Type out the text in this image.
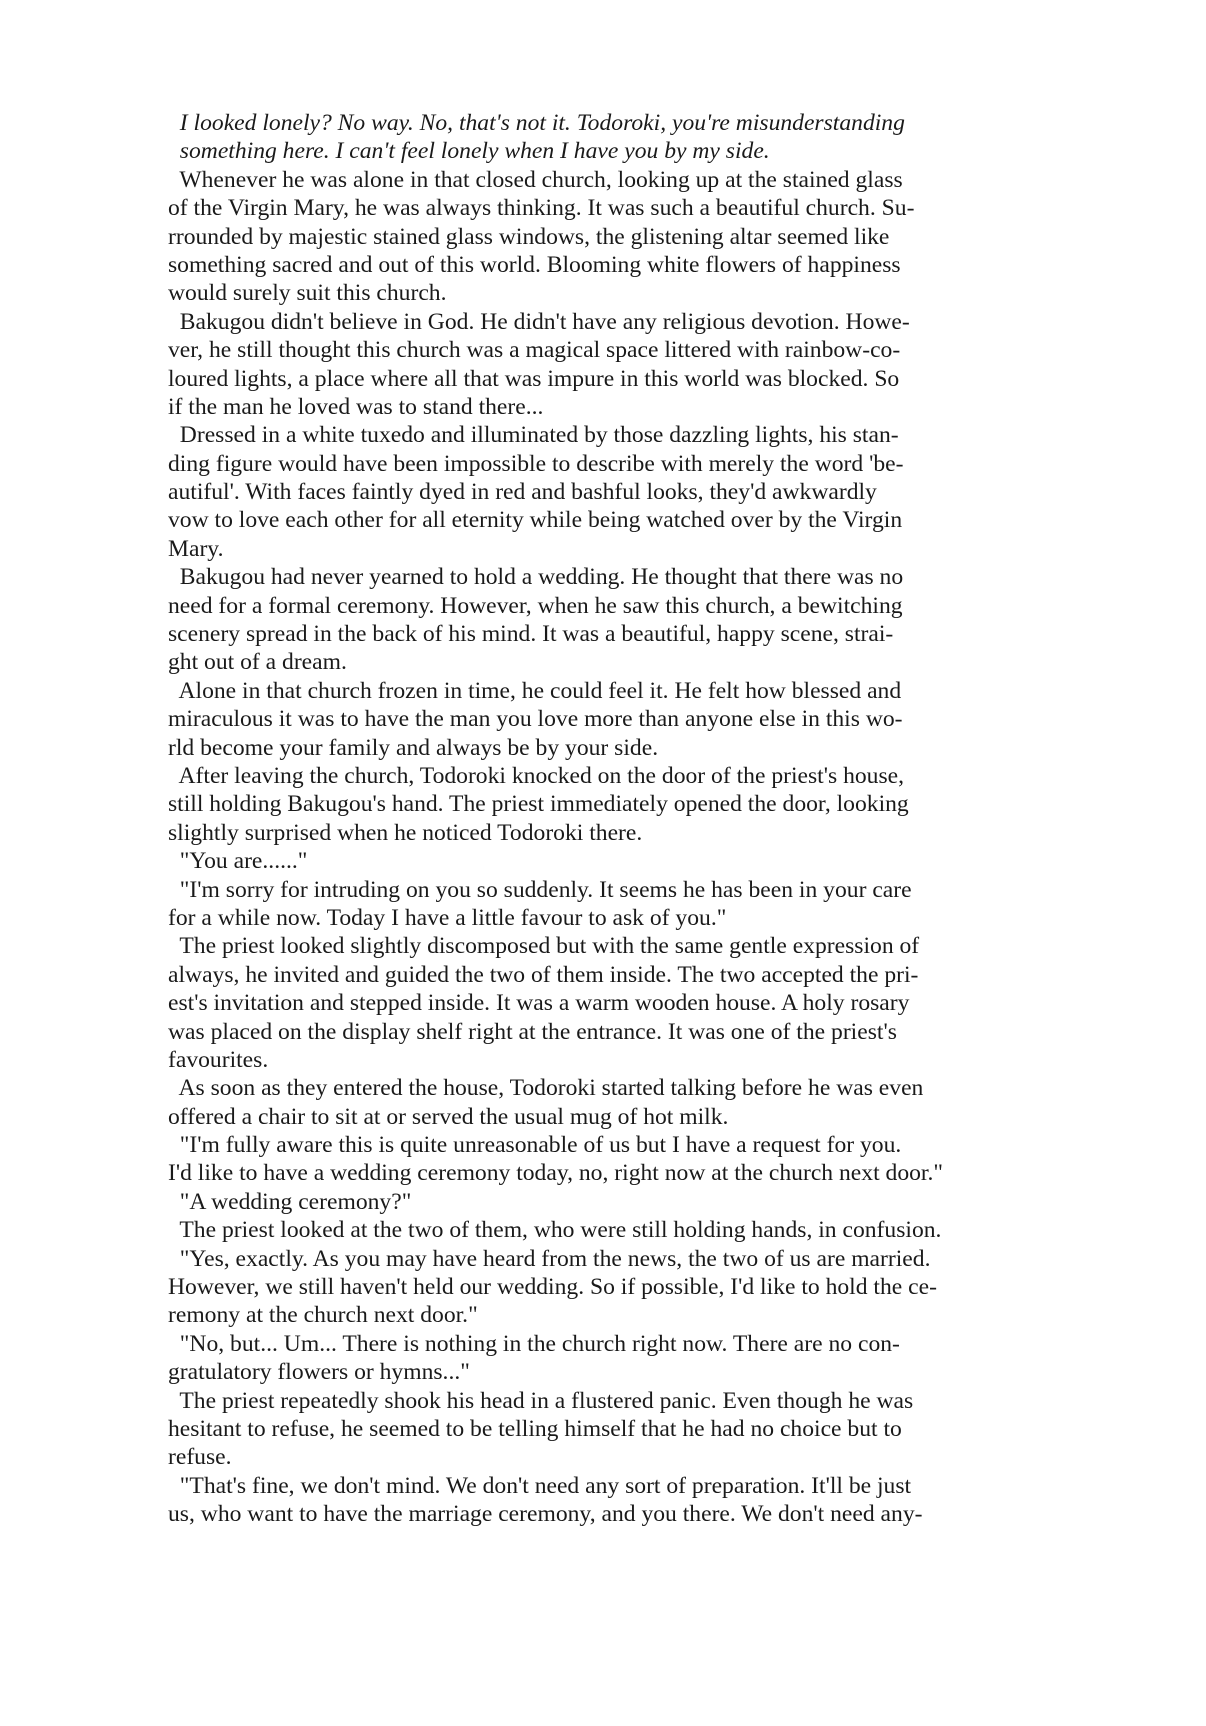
I looked lonely? No way. No, that's not it. Todoroki, you're misunderstanding
something here. I can't feel lonely when I have you by my side.
Whenever he was alone in that closed church, looking up at the stained glass
of the Virgin Mary, he was always thinking. It was such a beautiful church. Su-
rrounded by majestic stained glass windows, the glistening altar seemed like
something sacred and out of this world. Blooming white flowers of happiness
would surely suit this church.
Bakugou didn't believe in God. He didn't have any religious devotion. Howe-
ver, he still thought this church was a magical space littered with rainbow-co-
loured lights, a place where all that was impure in this world was blocked. So
if the man he loved was to stand there...
Dressed in a white tuxedo and illuminated by those dazzling lights, his stan-
ding figure would have been impossible to describe with merely the word 'be-
autiful'. With faces faintly dyed in red and bashful looks, they'd awkwardly
vow to love each other for all eternity while being watched over by the Virgin
Mary.
Bakugou had never yearned to hold a wedding. He thought that there was no
need for a formal ceremony. However, when he saw this church, a bewitching
scenery spread in the back of his mind. It was a beautiful, happy scene, strai-
ght out of a dream.
Alone in that church frozen in time, he could feel it. He felt how blessed and
miraculous it was to have the man you love more than anyone else in this wo-
rld become your family and always be by your side.
After leaving the church, Todoroki knocked on the door of the priest's house,
still holding Bakugou's hand. The priest immediately opened the door, looking
slightly surprised when he noticed Todoroki there.
"You are......"
"I'm sorry for intruding on you so suddenly. It seems he has been in your care
for a while now. Today I have a little favour to ask of you."
The priest looked slightly discomposed but with the same gentle expression of
always, he invited and guided the two of them inside. The two accepted the pri-
est's invitation and stepped inside. It was a warm wooden house. A holy rosary
was placed on the display shelf right at the entrance. It was one of the priest's
favourites.
As soon as they entered the house, Todoroki started talking before he was even
offered a chair to sit at or served the usual mug of hot milk.
"I'm fully aware this is quite unreasonable of us but I have a request for you.
I'd like to have a wedding ceremony today, no, right now at the church next door."
"A wedding ceremony?"
The priest looked at the two of them, who were still holding hands, in confusion.
"Yes, exactly. As you may have heard from the news, the two of us are married.
However, we still haven't held our wedding. So if possible, I'd like to hold the ce-
remony at the church next door."
"No, but... Um... There is nothing in the church right now. There are no con-
gratulatory flowers or hymns..."
The priest repeatedly shook his head in a flustered panic. Even though he was
hesitant to refuse, he seemed to be telling himself that he had no choice but to
refuse.
"That's fine, we don't mind. We don't need any sort of preparation. It'll be just
us, who want to have the marriage ceremony, and you there. We don't need any-
